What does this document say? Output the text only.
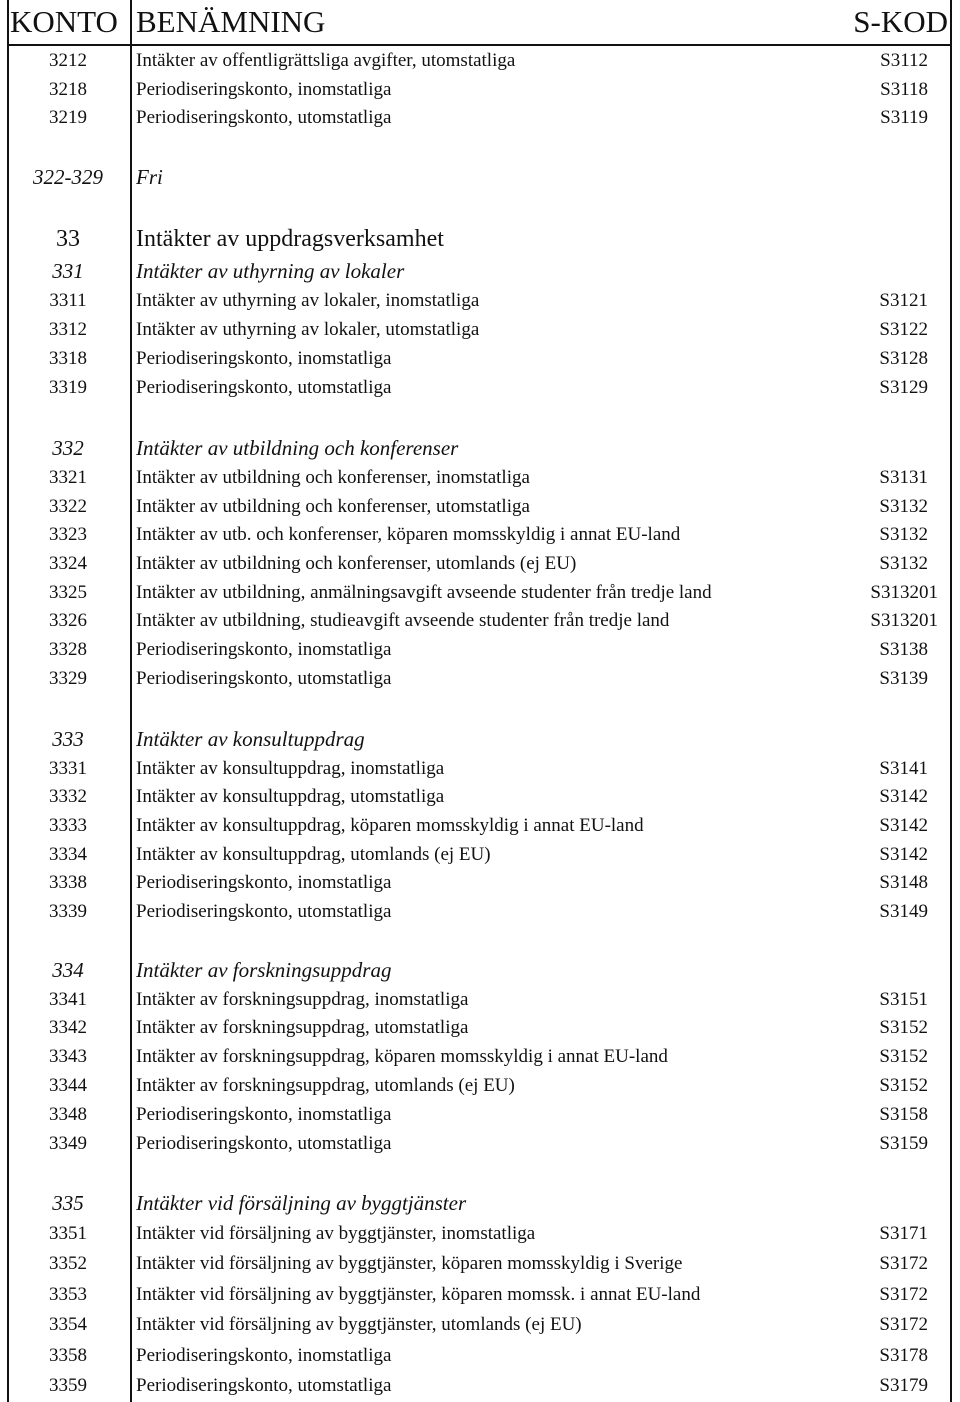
KONTO BENÄMNING	S-KOD
3212	Intäkter av offentligrättsliga avgifter, utomstatliga	S3112
3218	Periodiseringskonto, inomstatliga	S3118
3219	Periodiseringskonto, utomstatliga	S3119
322-329	Fri
33	Intäkter av uppdragsverksamhet
331	Intäkter av uthyrning av lokaler
3311	Intäkter av uthyrning av lokaler, inomstatliga	S3121
3312	Intäkter av uthyrning av lokaler, utomstatliga	S3122
3318	Periodiseringskonto, inomstatliga	S3128
3319	Periodiseringskonto, utomstatliga	S3129
332	Intäkter av utbildning och konferenser
3321	Intäkter av utbildning och konferenser, inomstatliga	S3131
3322	Intäkter av utbildning och konferenser, utomstatliga	S3132
3323	Intäkter av utb. och konferenser, köparen momsskyldig i annat EU-land	S3132
3324	Intäkter av utbildning och konferenser, utomlands (ej EU)	S3132
3325	Intäkter av utbildning, anmälningsavgift avseende studenter från tredje land	S313201
3326	Intäkter av utbildning, studieavgift avseende studenter från tredje land	S313201
3328	Periodiseringskonto, inomstatliga	S3138
3329	Periodiseringskonto, utomstatliga	S3139
333	Intäkter av konsultuppdrag
3331	Intäkter av konsultuppdrag, inomstatliga	S3141
3332	Intäkter av konsultuppdrag, utomstatliga	S3142
3333	Intäkter av konsultuppdrag, köparen momsskyldig i annat EU-land	S3142
3334	Intäkter av konsultuppdrag, utomlands (ej EU)	S3142
3338	Periodiseringskonto, inomstatliga	S3148
3339	Periodiseringskonto, utomstatliga	S3149
334	Intäkter av forskningsuppdrag
3341	Intäkter av forskningsuppdrag, inomstatliga	S3151
3342	Intäkter av forskningsuppdrag, utomstatliga	S3152
3343	Intäkter av forskningsuppdrag, köparen momsskyldig i annat EU-land	S3152
3344	Intäkter av forskningsuppdrag, utomlands (ej EU)	S3152
3348	Periodiseringskonto, inomstatliga	S3158
3349	Periodiseringskonto, utomstatliga	S3159
335	Intäkter vid försäljning av byggtjänster
3351	Intäkter vid försäljning av byggtjänster, inomstatliga	S3171
3352	Intäkter vid försäljning av byggtjänster, köparen momsskyldig i Sverige	S3172
3353	Intäkter vid försäljning av byggtjänster, köparen momssk. i annat EU-land	S3172
3354	Intäkter vid försäljning av byggtjänster, utomlands (ej EU)	S3172
3358	Periodiseringskonto, inomstatliga	S3178
3359	Periodiseringskonto, utomstatliga	S3179
